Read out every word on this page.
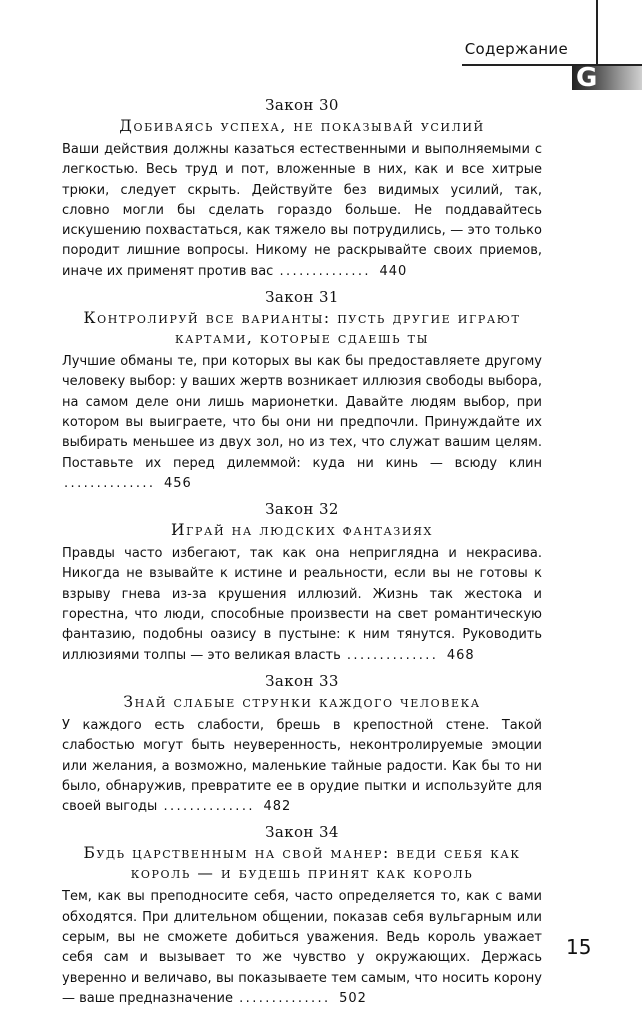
Содержание
G

Закон 30

Добиваясь успеха, не показывай усилий

Ваши действия должны казаться естественными и выполняемыми с легкостью. Весь труд и пот, вложенные в них, как и все хитрые трюки, следует скрыть. Действуйте без видимых усилий, так, словно могли бы сделать гораздо больше. Не поддавайтесь искушению похвастаться, как тяжело вы потрудились, — это только породит лишние вопросы. Никому не раскрывайте своих приемов, иначе их применят против вас .............. 440

Закон 31

Контролируй все варианты: пусть другие играют картами, которые сдаешь ты

Лучшие обманы те, при которых вы как бы предоставляете другому человеку выбор: у ваших жертв возникает иллюзия свободы выбора, на самом деле они лишь марионетки. Давайте людям выбор, при котором вы выиграете, что бы они ни предпочли. Принуждайте их выбирать меньшее из двух зол, но из тех, что служат вашим целям. Поставьте их перед дилеммой: куда ни кинь — всюду клин .............. 456

Закон 32

Играй на людских фантазиях

Правды часто избегают, так как она неприглядна и некрасива. Никогда не взывайте к истине и реальности, если вы не готовы к взрыву гнева из-за крушения иллюзий. Жизнь так жестока и горестна, что люди, способные произвести на свет романтическую фантазию, подобны оазису в пустыне: к ним тянутся. Руководить иллюзиями толпы — это великая власть .............. 468

Закон 33

Знай слабые струнки каждого человека

У каждого есть слабости, брешь в крепостной стене. Такой слабостью могут быть неуверенность, неконтролируемые эмоции или желания, а возможно, маленькие тайные радости. Как бы то ни было, обнаружив, превратите ее в орудие пытки и используйте для своей выгоды .............. 482

Закон 34

Будь царственным на свой манер: веди себя как король — и будешь принят как король

Тем, как вы преподносите себя, часто определяется то, как с вами обходятся. При длительном общении, показав себя вульгарным или серым, вы не сможете добиться уважения. Ведь король уважает себя сам и вызывает то же чувство у окружающих. Держась уверенно и величаво, вы показываете тем самым, что носить корону — ваше предназначение .............. 502

15
